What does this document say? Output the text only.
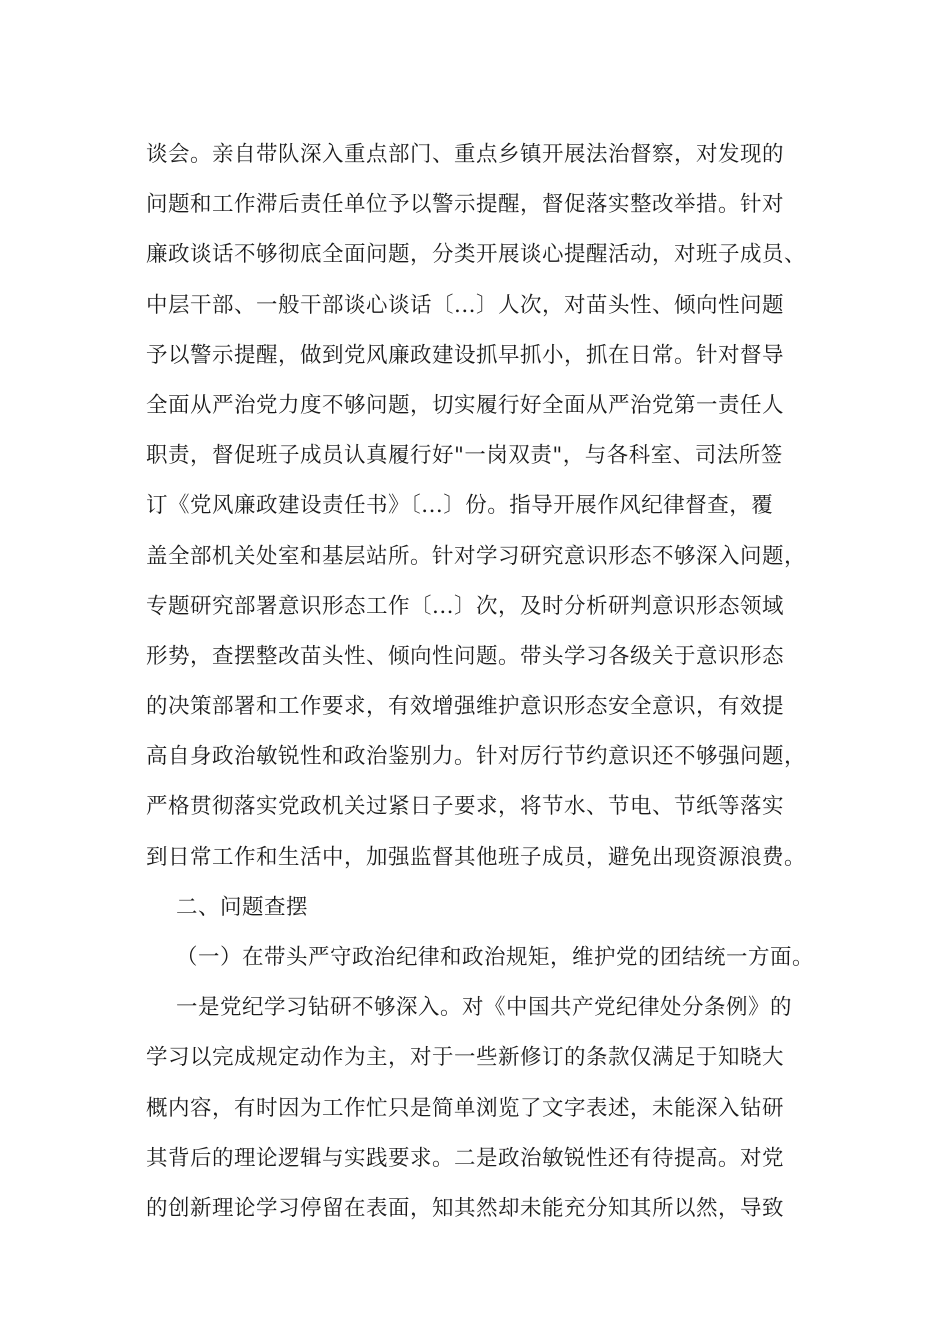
谈会。亲自带队深入重点部门、重点乡镇开展法治督察，对发现的
问题和工作滞后责任单位予以警示提醒，督促落实整改举措。针对
廉政谈话不够彻底全面问题，分类开展谈心提醒活动，对班子成员、
中层干部、一般干部谈心谈话〔...〕人次，对苗头性、倾向性问题
予以警示提醒，做到党风廉政建设抓早抓小，抓在日常。针对督导
全面从严治党力度不够问题，切实履行好全面从严治党第一责任人
职责，督促班子成员认真履行好"一岗双责"，与各科室、司法所签
订《党风廉政建设责任书》〔...〕份。指导开展作风纪律督查，覆
盖全部机关处室和基层站所。针对学习研究意识形态不够深入问题，
专题研究部署意识形态工作〔...〕次，及时分析研判意识形态领域
形势，查摆整改苗头性、倾向性问题。带头学习各级关于意识形态
的决策部署和工作要求，有效增强维护意识形态安全意识，有效提
高自身政治敏锐性和政治鉴别力。针对厉行节约意识还不够强问题，
严格贯彻落实党政机关过紧日子要求，将节水、节电、节纸等落实
到日常工作和生活中，加强监督其他班子成员，避免出现资源浪费。
二、问题查摆
（一）在带头严守政治纪律和政治规矩，维护党的团结统一方面。
一是党纪学习钻研不够深入。对《中国共产党纪律处分条例》的
学习以完成规定动作为主，对于一些新修订的条款仅满足于知晓大
概内容，有时因为工作忙只是简单浏览了文字表述，未能深入钻研
其背后的理论逻辑与实践要求。二是政治敏锐性还有待提高。对党
的创新理论学习停留在表面，知其然却未能充分知其所以然，导致
